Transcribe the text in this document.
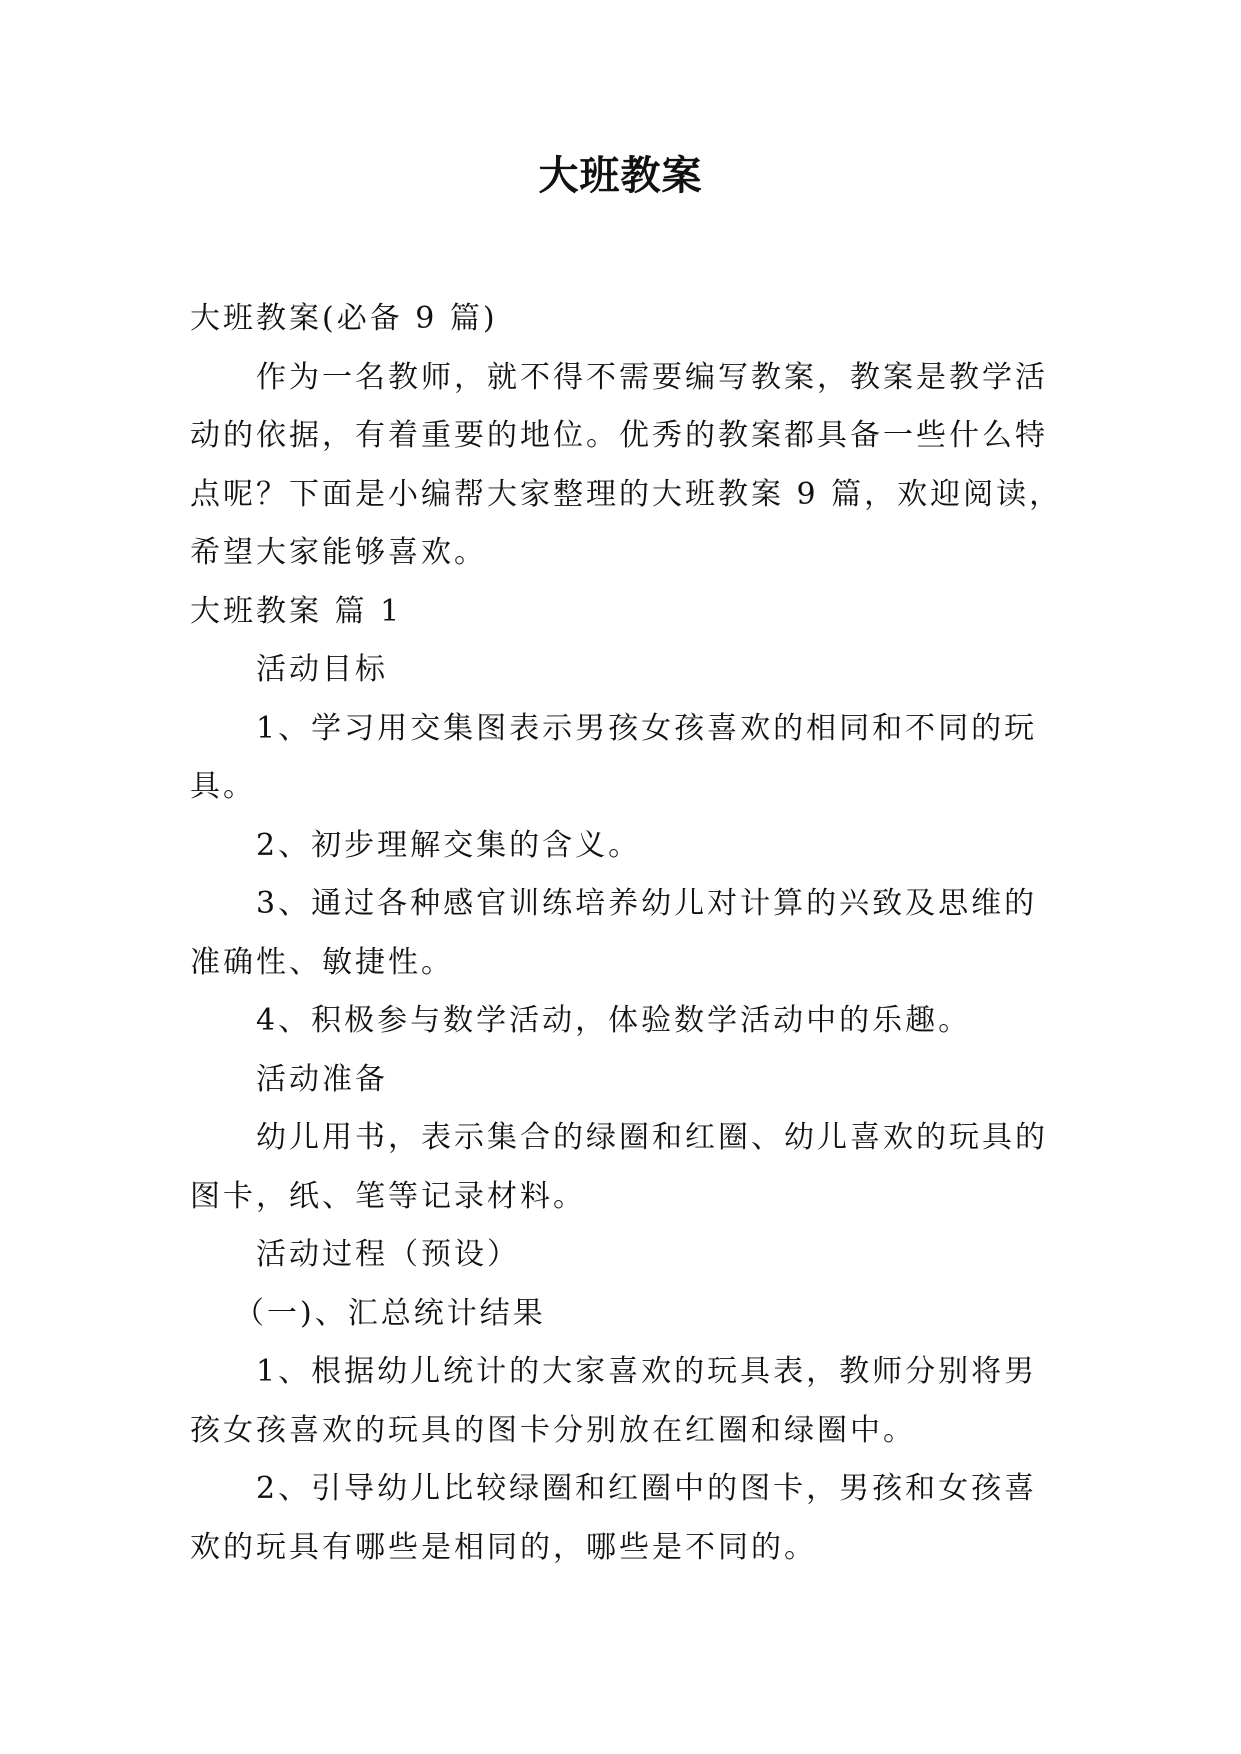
大班教案
大班教案(必备 9 篇)
作为一名教师，就不得不需要编写教案，教案是教学活
动的依据，有着重要的地位。优秀的教案都具备一些什么特
点呢？下面是小编帮大家整理的大班教案 9 篇，欢迎阅读，
希望大家能够喜欢。
大班教案 篇 1
活动目标
1、学习用交集图表示男孩女孩喜欢的相同和不同的玩
具。
2、初步理解交集的含义。
3、通过各种感官训练培养幼儿对计算的兴致及思维的
准确性、敏捷性。
4、积极参与数学活动，体验数学活动中的乐趣。
活动准备
幼儿用书，表示集合的绿圈和红圈、幼儿喜欢的玩具的
图卡，纸、笔等记录材料。
活动过程（预设）
（一)、汇总统计结果
1、根据幼儿统计的大家喜欢的玩具表，教师分别将男
孩女孩喜欢的玩具的图卡分别放在红圈和绿圈中。
2、引导幼儿比较绿圈和红圈中的图卡，男孩和女孩喜
欢的玩具有哪些是相同的，哪些是不同的。
